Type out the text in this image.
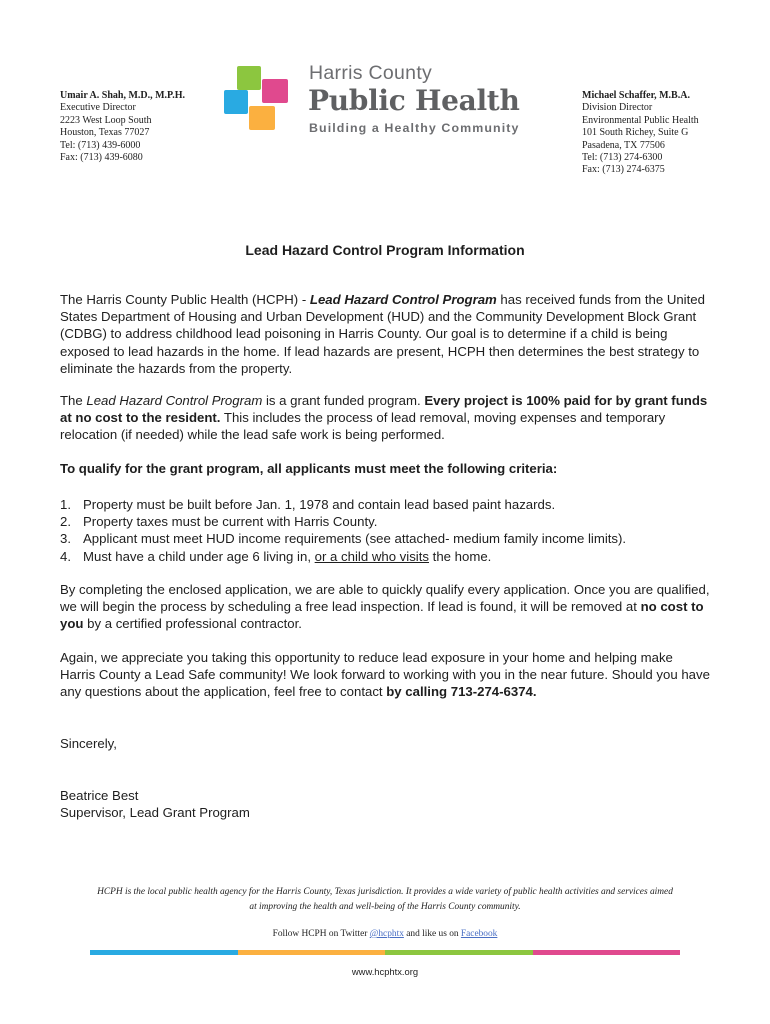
Umair A. Shah, M.D., M.P.H.
Executive Director
2223 West Loop South
Houston, Texas 77027
Tel: (713) 439-6000
Fax: (713) 439-6080
Harris County
Public Health
Building a Healthy Community
Michael Schaffer, M.B.A.
Division Director
Environmental Public Health
101 South Richey, Suite G
Pasadena, TX 77506
Tel: (713) 274-6300
Fax: (713) 274-6375
Lead Hazard Control Program Information
The Harris County Public Health (HCPH) - Lead Hazard Control Program has received funds from the United States Department of Housing and Urban Development (HUD) and the Community Development Block Grant (CDBG) to address childhood lead poisoning in Harris County. Our goal is to determine if a child is being exposed to lead hazards in the home. If lead hazards are present, HCPH then determines the best strategy to eliminate the hazards from the property.
The Lead Hazard Control Program is a grant funded program. Every project is 100% paid for by grant funds at no cost to the resident. This includes the process of lead removal, moving expenses and temporary relocation (if needed) while the lead safe work is being performed.
To qualify for the grant program, all applicants must meet the following criteria:
1. Property must be built before Jan. 1, 1978 and contain lead based paint hazards.
2. Property taxes must be current with Harris County.
3. Applicant must meet HUD income requirements (see attached- medium family income limits).
4. Must have a child under age 6 living in, or a child who visits the home.
By completing the enclosed application, we are able to quickly qualify every application. Once you are qualified, we will begin the process by scheduling a free lead inspection. If lead is found, it will be removed at no cost to you by a certified professional contractor.
Again, we appreciate you taking this opportunity to reduce lead exposure in your home and helping make Harris County a Lead Safe community! We look forward to working with you in the near future. Should you have any questions about the application, feel free to contact by calling 713-274-6374.
Sincerely,
Beatrice Best
Supervisor, Lead Grant Program
HCPH is the local public health agency for the Harris County, Texas jurisdiction. It provides a wide variety of public health activities and services aimed at improving the health and well-being of the Harris County community.
Follow HCPH on Twitter @hcphtx and like us on Facebook
www.hcphtx.org
